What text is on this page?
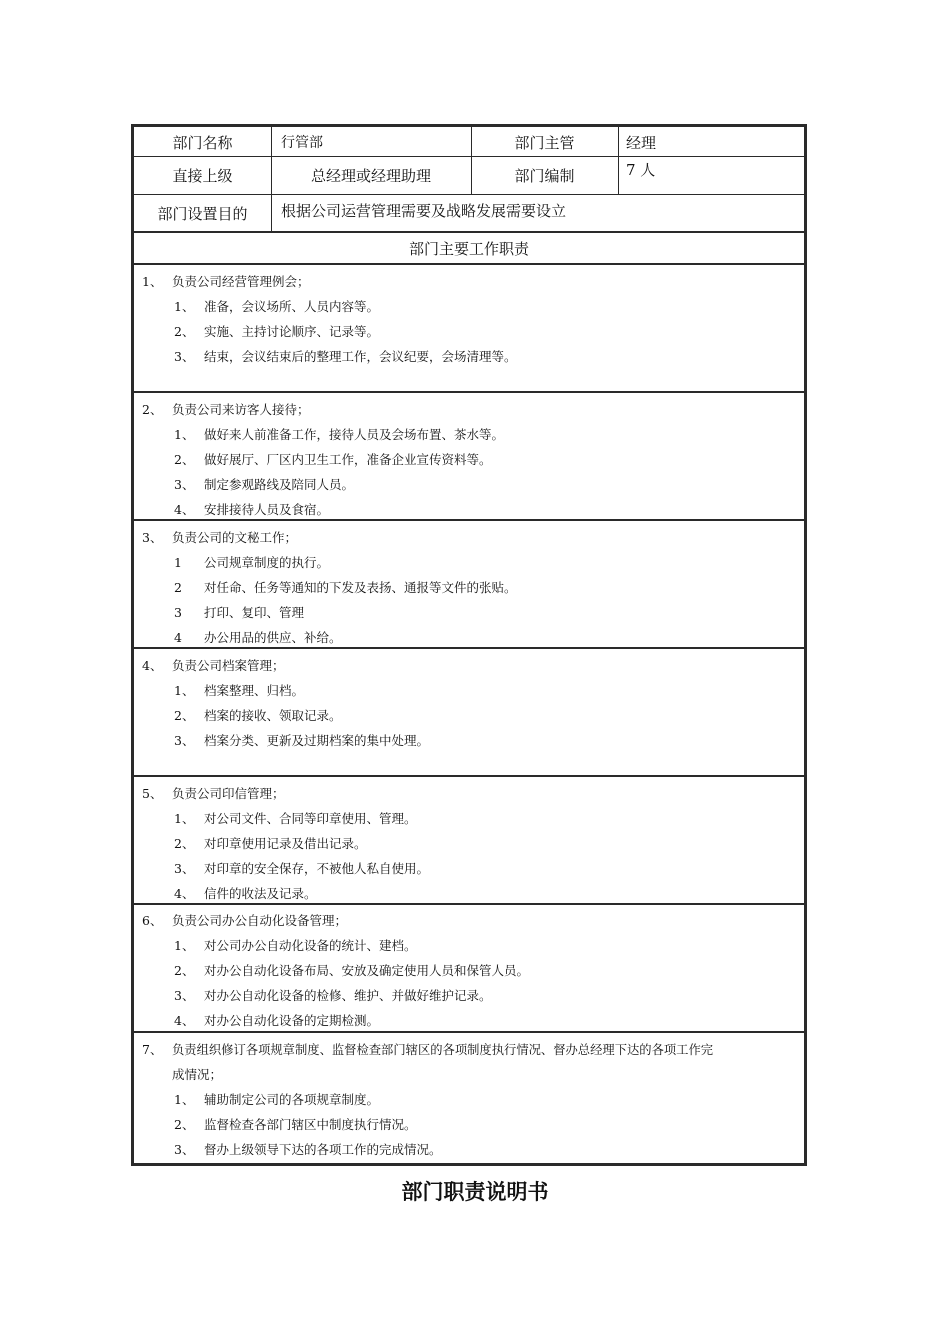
部门名称	行管部	部门主管	经理
直接上级	总经理或经理助理	部门编制	7 人
部门设置目的	根据公司运营管理需要及战略发展需要设立
部门主要工作职责
1、 负责公司经营管理例会；
1、 准备，会议场所、人员内容等。
2、 实施、主持讨论顺序、记录等。
3、 结束，会议结束后的整理工作，会议纪要，会场清理等。
2、 负责公司来访客人接待；
1、 做好来人前准备工作，接待人员及会场布置、茶水等。
2、 做好展厅、厂区内卫生工作，准备企业宣传资料等。
3、 制定参观路线及陪同人员。
4、 安排接待人员及食宿。
3、 负责公司的文秘工作；
1 公司规章制度的执行。
2 对任命、任务等通知的下发及表扬、通报等文件的张贴。
3 打印、复印、管理
4 办公用品的供应、补给。
4、 负责公司档案管理；
1、 档案整理、归档。
2、 档案的接收、领取记录。
3、 档案分类、更新及过期档案的集中处理。
5、 负责公司印信管理；
1、 对公司文件、合同等印章使用、管理。
2、 对印章使用记录及借出记录。
3、 对印章的安全保存，不被他人私自使用。
4、 信件的收法及记录。
6、 负责公司办公自动化设备管理；
1、 对公司办公自动化设备的统计、建档。
2、 对办公自动化设备布局、安放及确定使用人员和保管人员。
3、 对办公自动化设备的检修、维护、并做好维护记录。
4、 对办公自动化设备的定期检测。
7、 负责组织修订各项规章制度、监督检查部门辖区的各项制度执行情况、督办总经理下达的各项工作完
成情况；
1、 辅助制定公司的各项规章制度。
2、 监督检查各部门辖区中制度执行情况。
3、 督办上级领导下达的各项工作的完成情况。
部门职责说明书
